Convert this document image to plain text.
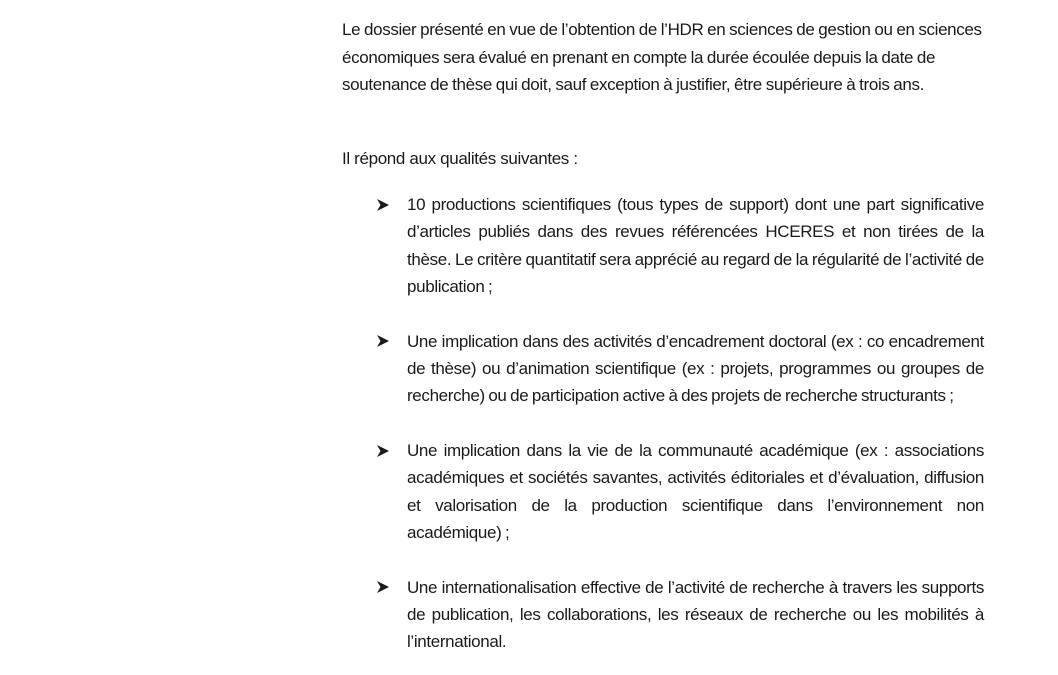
Le dossier présenté en vue de l’obtention de l’HDR en sciences de gestion ou en sciences économiques sera évalué en prenant en compte la durée écoulée depuis la date de soutenance de thèse qui doit, sauf exception à justifier, être supérieure à trois ans.

Il répond aux qualités suivantes :

10 productions scientifiques (tous types de support) dont une part significative d’articles publiés dans des revues référencées HCERES et non tirées de la thèse. Le critère quantitatif sera apprécié au regard de la régularité de l’activité de publication ;
Une implication dans des activités d’encadrement doctoral (ex : co encadrement de thèse) ou d’animation scientifique (ex : projets, programmes ou groupes de recherche) ou de participation active à des projets de recherche structurants ;
Une implication dans la vie de la communauté académique (ex : associations académiques et sociétés savantes, activités éditoriales et d’évaluation, diffusion et valorisation de la production scientifique dans l’environnement non académique) ;
Une internationalisation effective de l’activité de recherche à travers les supports de publication, les collaborations, les réseaux de recherche ou les mobilités à l’international.
